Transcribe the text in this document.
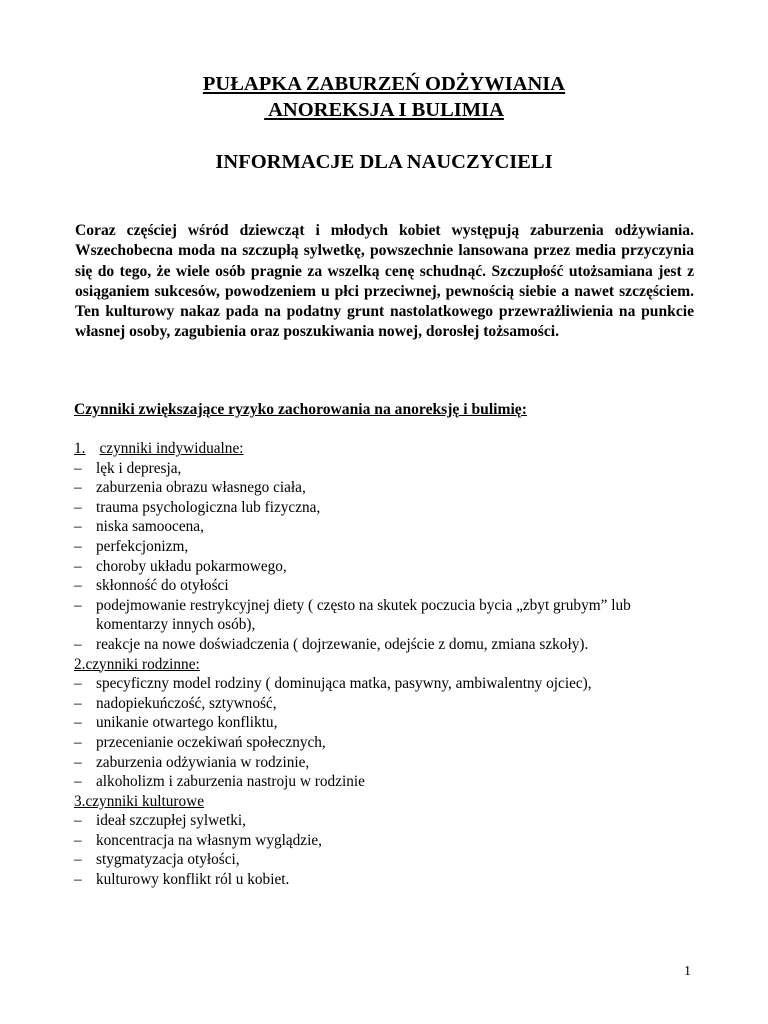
PUŁAPKA ZABURZEŃ ODŻYWIANIA
ANOREKSJA I BULIMIA
INFORMACJE DLA NAUCZYCIELI

Coraz częściej wśród dziewcząt i młodych kobiet występują zaburzenia odżywiania. Wszechobecna moda na szczupłą sylwetkę, powszechnie lansowana przez media przyczynia się do tego, że wiele osób pragnie za wszelką cenę schudnąć. Szczupłość utożsamiana jest z osiąganiem sukcesów, powodzeniem u płci przeciwnej, pewnością siebie a nawet szczęściem. Ten kulturowy nakaz pada na podatny grunt nastolatkowego przewrażliwienia na punkcie własnej osoby, zagubienia oraz poszukiwania nowej, dorosłej tożsamości.

Czynniki zwiększające ryzyko zachorowania na anoreksję i bulimię:
1. czynniki indywidualne:
– lęk i depresja,
– zaburzenia obrazu własnego ciała,
– trauma psychologiczna lub fizyczna,
– niska samoocena,
– perfekcjonizm,
– choroby układu pokarmowego,
– skłonność do otyłości
– podejmowanie restrykcyjnej diety ( często na skutek poczucia bycia „zbyt grubym” lub komentarzy innych osób),
– reakcje na nowe doświadczenia ( dojrzewanie, odejście z domu, zmiana szkoły).
2.czynniki rodzinne:
– specyficzny model rodziny ( dominująca matka, pasywny, ambiwalentny ojciec),
– nadopiekuńczość, sztywność,
– unikanie otwartego konfliktu,
– przecenianie oczekiwań społecznych,
– zaburzenia odżywiania w rodzinie,
– alkoholizm i zaburzenia nastroju w rodzinie
3.czynniki kulturowe
– ideał szczupłej sylwetki,
– koncentracja na własnym wyglądzie,
– stygmatyzacja otyłości,
– kulturowy konflikt ról u kobiet.
1
